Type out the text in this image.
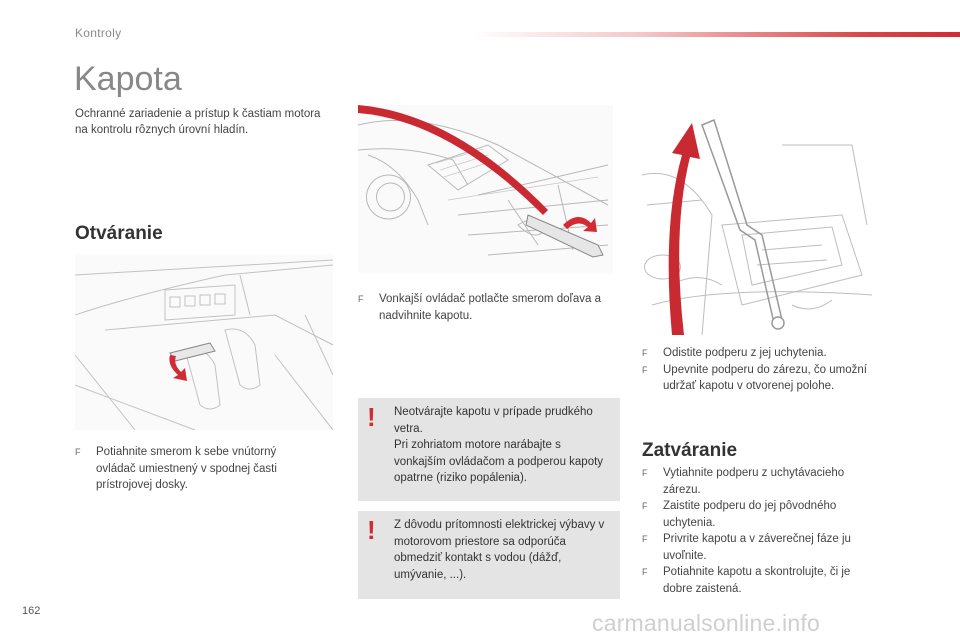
Kontroly
Kapota
Ochranné zariadenie a prístup k častiam motora na kontrolu rôznych úrovní hladín.
Otváranie
F Potiahnite smerom k sebe vnútorný ovládač umiestnený v spodnej časti prístrojovej dosky.
F Vonkajší ovládač potlačte smerom doľava a nadvihnite kapotu.
F Odistite podperu z jej uchytenia.
F Upevnite podperu do zárezu, čo umožní udržať kapotu v otvorenej polohe.
! Neotvárajte kapotu v prípade prudkého vetra.
Pri zohriatom motore narábajte s vonkajším ovládačom a podperou kapoty opatrne (riziko popálenia).
! Z dôvodu prítomnosti elektrickej výbavy v motorovom priestore sa odporúča obmedziť kontakt s vodou (dážď, umývanie, ...).
Zatváranie
F Vytiahnite podperu z uchytávacieho zárezu.
F Zaistite podperu do jej pôvodného uchytenia.
F Privrite kapotu a v záverečnej fáze ju uvoľnite.
F Potiahnite kapotu a skontrolujte, či je dobre zaistená.
162	carmanualsonline.info
